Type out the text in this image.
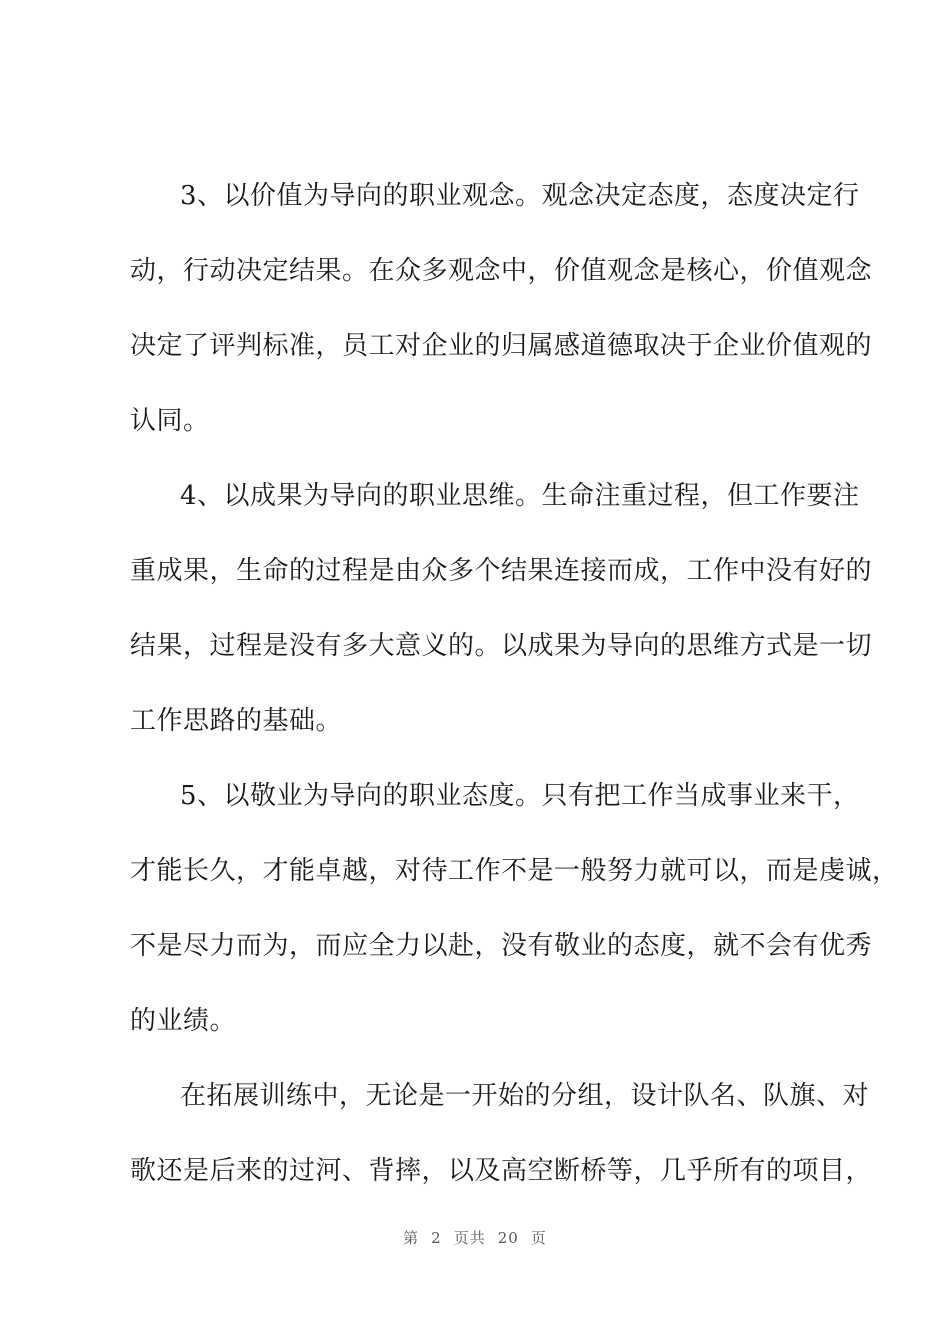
3、以价值为导向的职业观念。观念决定态度，态度决定行
动，行动决定结果。在众多观念中，价值观念是核心，价值观念
决定了评判标准，员工对企业的归属感道德取决于企业价值观的
认同。
4、以成果为导向的职业思维。生命注重过程，但工作要注
重成果，生命的过程是由众多个结果连接而成，工作中没有好的
结果，过程是没有多大意义的。以成果为导向的思维方式是一切
工作思路的基础。
5、以敬业为导向的职业态度。只有把工作当成事业来干，
才能长久，才能卓越，对待工作不是一般努力就可以，而是虔诚，
不是尽力而为，而应全力以赴，没有敬业的态度，就不会有优秀
的业绩。
在拓展训练中，无论是一开始的分组，设计队名、队旗、对
歌还是后来的过河、背摔，以及高空断桥等，几乎所有的项目，
第 2 页共 20 页
